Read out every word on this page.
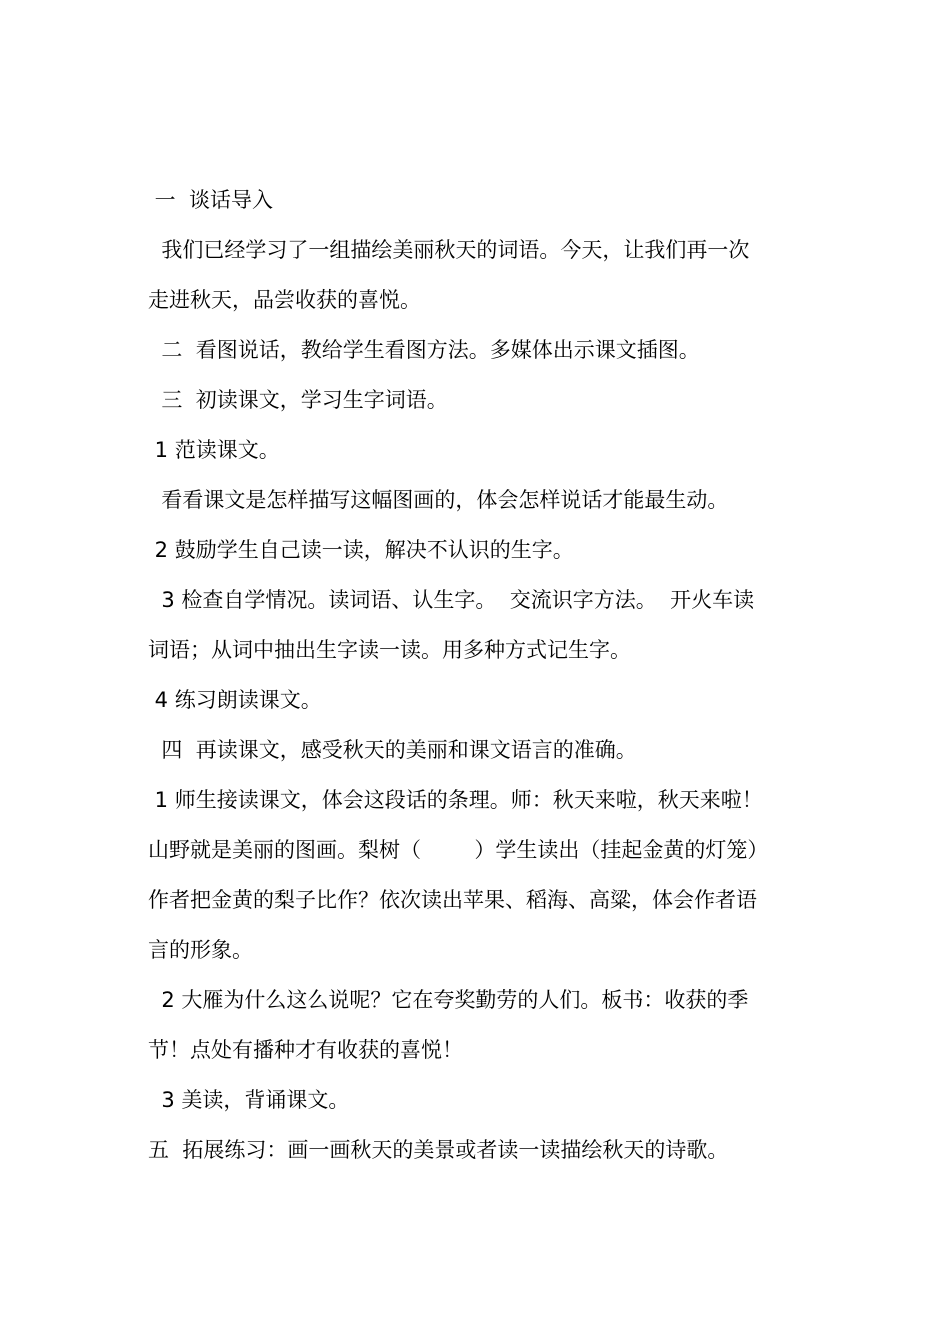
一  谈话导入

我们已经学习了一组描绘美丽秋天的词语。今天，让我们再一次

走进秋天，品尝收获的喜悦。

二  看图说话，教给学生看图方法。多媒体出示课文插图。

三  初读课文，学习生字词语。

1 范读课文。

看看课文是怎样描写这幅图画的，体会怎样说话才能最生动。

2 鼓励学生自己读一读，解决不认识的生字。

3 检查自学情况。读词语、认生字。  交流识字方法。  开火车读

词语；从词中抽出生字读一读。用多种方式记生字。

4 练习朗读课文。

四  再读课文，感受秋天的美丽和课文语言的准确。

1 师生接读课文，体会这段话的条理。师：秋天来啦，秋天来啦！

山野就是美丽的图画。梨树（        ）学生读出（挂起金黄的灯笼）

作者把金黄的梨子比作？依次读出苹果、稻海、高粱，体会作者语

言的形象。

2 大雁为什么这么说呢？它在夸奖勤劳的人们。板书：收获的季

节！点处有播种才有收获的喜悦！

3 美读，背诵课文。

五  拓展练习：画一画秋天的美景或者读一读描绘秋天的诗歌。
